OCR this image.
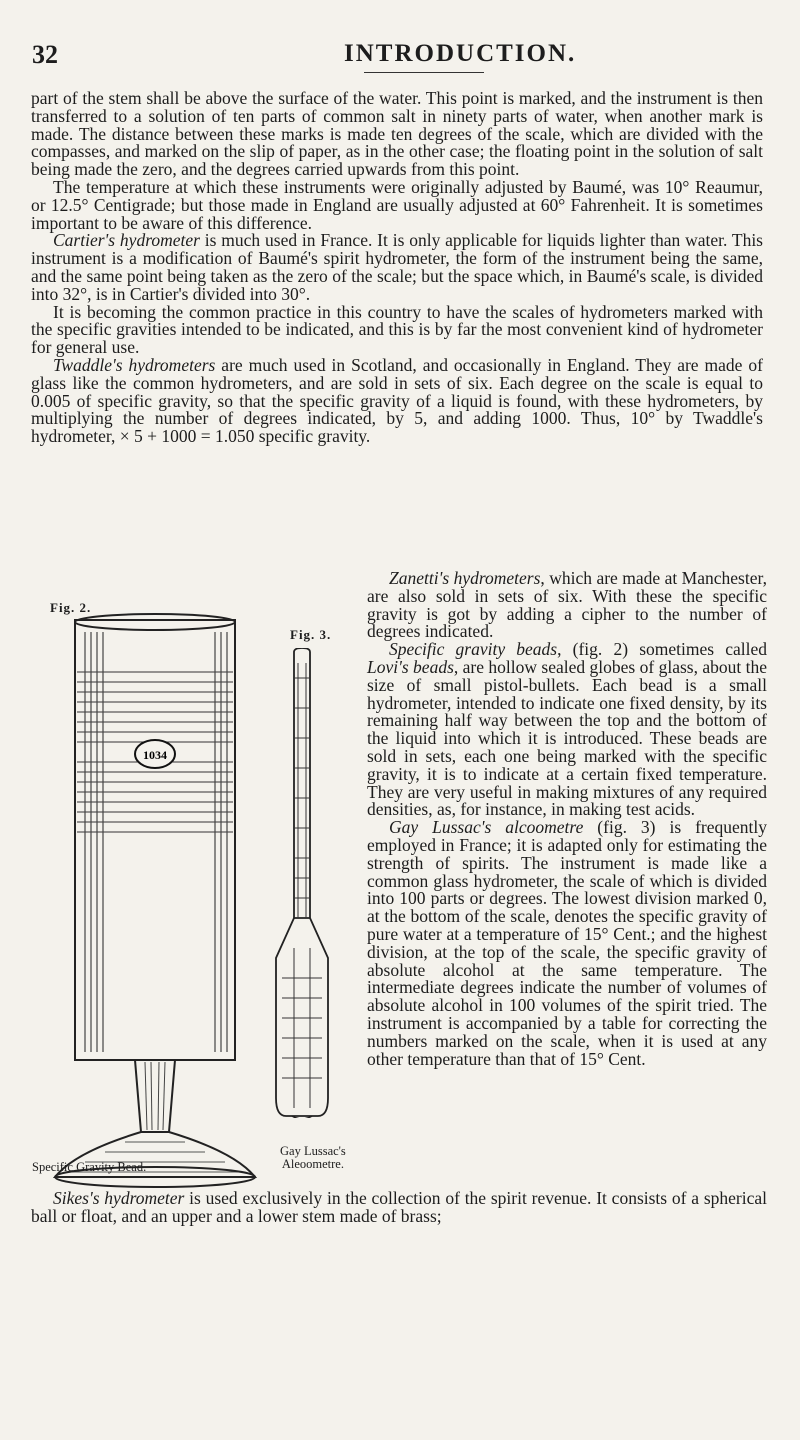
32	INTRODUCTION.
part of the stem shall be above the surface of the water. This point is marked, and the instrument is then transferred to a solution of ten parts of common salt in ninety parts of water, when another mark is made. The distance between these marks is made ten degrees of the scale, which are divided with the compasses, and marked on the slip of paper, as in the other case; the floating point in the solution of salt being made the zero, and the degrees carried upwards from this point.
The temperature at which these instruments were originally adjusted by Baumé, was 10° Reaumur, or 12.5° Centigrade; but those made in England are usually adjusted at 60° Fahrenheit. It is sometimes important to be aware of this difference.
Cartier's hydrometer is much used in France. It is only applicable for liquids lighter than water. This instrument is a modification of Baumé's spirit hydrometer, the form of the instrument being the same, and the same point being taken as the zero of the scale; but the space which, in Baumé's scale, is divided into 32°, is in Cartier's divided into 30°.
It is becoming the common practice in this country to have the scales of hydrometers marked with the specific gravities intended to be indicated, and this is by far the most convenient kind of hydrometer for general use.
Twaddle's hydrometers are much used in Scotland, and occasionally in England. They are made of glass like the common hydrometers, and are sold in sets of six. Each degree on the scale is equal to 0.005 of specific gravity, so that the specific gravity of a liquid is found, with these hydrometers, by multiplying the number of degrees indicated, by 5, and adding 1000. Thus, 10° by Twaddle's hydrometer, × 5 + 1000 = 1.050 specific gravity.
Zanetti's hydrometers, which are made at Manchester, are also sold in sets of six. With these the specific gravity is got by adding a cipher to the number of degrees indicated.
Specific gravity beads, (fig. 2) sometimes called Lovi's beads, are hollow sealed globes of glass, about the size of small pistol-bullets. Each bead is a small hydrometer, intended to indicate one fixed density, by its remaining half way between the top and the bottom of the liquid into which it is introduced. These beads are sold in sets, each one being marked with the specific gravity, it is to indicate at a certain fixed temperature. They are very useful in making mixtures of any required densities, as, for instance, in making test acids.
Gay Lussac's alcoometre (fig. 3) is frequently employed in France; it is adapted only for estimating the strength of spirits. The instrument is made like a common glass hydrometer, the scale of which is divided into 100 parts or degrees. The lowest division marked 0, at the bottom of the scale, denotes the specific gravity of pure water at a temperature of 15° Cent.; and the highest division, at the top of the scale, the specific gravity of absolute alcohol at the same temperature. The intermediate degrees indicate the number of volumes of absolute alcohol in 100 volumes of the spirit tried. The instrument is accompanied by a table for correcting the numbers marked on the scale, when it is used at any other temperature than that of 15° Cent.
Sikes's hydrometer is used exclusively in the collection of the spirit revenue. It consists of a spherical ball or float, and an upper and a lower stem made of brass;
Fig. 2.
1034
Specific Gravity Bead.
Fig. 3.
Gay Lussac's
Aleoometre.
